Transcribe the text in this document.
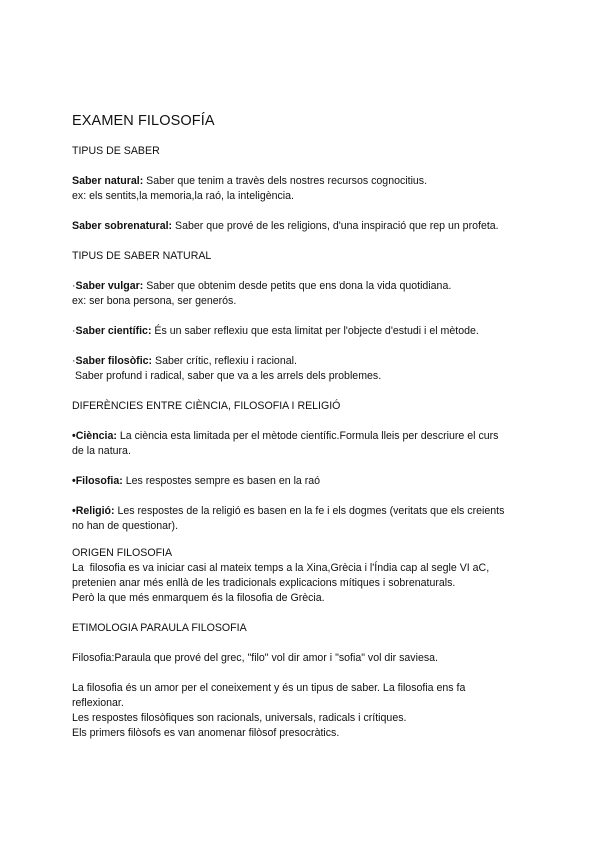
EXAMEN FILOSOFÍA
TIPUS DE SABER
Saber natural: Saber que tenim a travès dels nostres recursos cognocitius.
ex: els sentits,la memoria,la raó, la inteligència.
Saber sobrenatural: Saber que prové de les religions, d'una inspiració que rep un profeta.
TIPUS DE SABER NATURAL
·Saber vulgar: Saber que obtenim desde petits que ens dona la vida quotidiana.
ex: ser bona persona, ser generós.
·Saber científic: És un saber reflexiu que esta limitat per l'objecte d'estudi i el mètode.
·Saber filosòfic: Saber crític, reflexiu i racional.
Saber profund i radical, saber que va a les arrels dels problemes.
DIFERÈNCIES ENTRE CIÈNCIA, FILOSOFIA I RELIGIÓ
•Ciència: La ciència esta limitada per el mètode científic.Formula lleis per descriure el curs
de la natura.
•Filosofia: Les respostes sempre es basen en la raó
•Religió: Les respostes de la religió es basen en la fe i els dogmes (veritats que els creients
no han de questionar).
ORIGEN FILOSOFIA
La  filosofia es va iniciar casi al mateix temps a la Xina,Grècia i l'Índia cap al segle VI aC,
pretenien anar més enllà de les tradicionals explicacions mítiques i sobrenaturals.
Però la que més enmarquem és la filosofia de Grècia.
ETIMOLOGIA PARAULA FILOSOFIA
Filosofia:Paraula que prové del grec, "filo" vol dir amor i "sofia" vol dir saviesa.
La filosofia és un amor per el coneixement y és un tipus de saber. La filosofia ens fa
reflexionar.
Les respostes filosòfiques son racionals, universals, radicals i crítiques.
Els primers filòsofs es van anomenar filòsof presocràtics.
